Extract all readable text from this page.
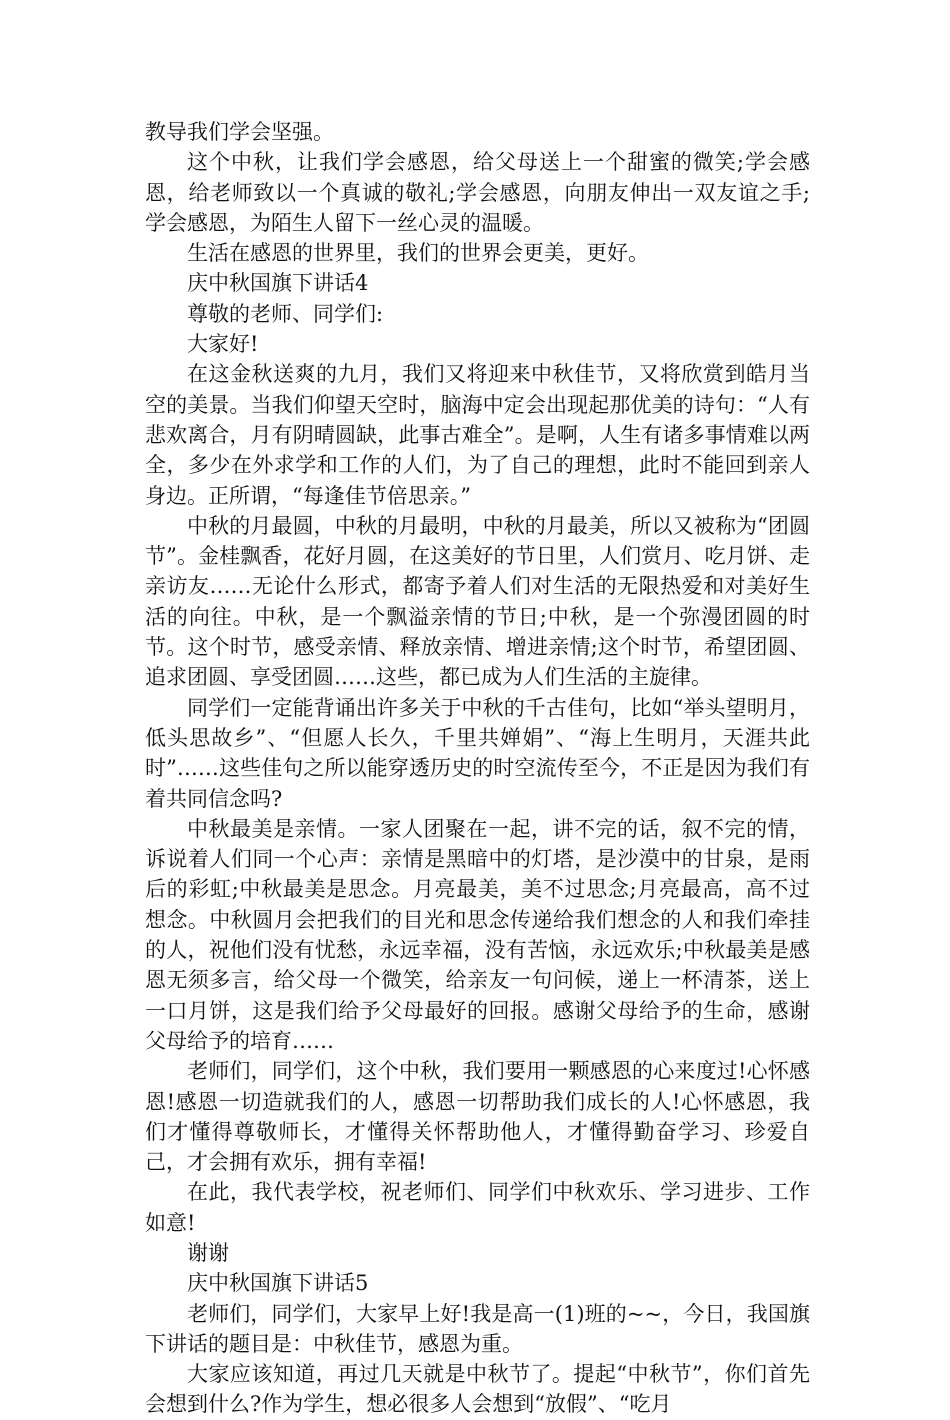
教导我们学会坚强。

这个中秋，让我们学会感恩，给父母送上一个甜蜜的微笑;学会感恩，给老师致以一个真诚的敬礼;学会感恩，向朋友伸出一双友谊之手;学会感恩，为陌生人留下一丝心灵的温暖。

生活在感恩的世界里，我们的世界会更美，更好。

庆中秋国旗下讲话4

尊敬的老师、同学们:

大家好!

在这金秋送爽的九月，我们又将迎来中秋佳节，又将欣赏到皓月当空的美景。当我们仰望天空时，脑海中定会出现起那优美的诗句：“人有悲欢离合，月有阴晴圆缺，此事古难全”。是啊，人生有诸多事情难以两全，多少在外求学和工作的人们，为了自己的理想，此时不能回到亲人身边。正所谓，“每逢佳节倍思亲。”

中秋的月最圆，中秋的月最明，中秋的月最美，所以又被称为“团圆节”。金桂飘香，花好月圆，在这美好的节日里，人们赏月、吃月饼、走亲访友……无论什么形式，都寄予着人们对生活的无限热爱和对美好生活的向往。中秋，是一个飘溢亲情的节日;中秋，是一个弥漫团圆的时节。这个时节，感受亲情、释放亲情、增进亲情;这个时节，希望团圆、追求团圆、享受团圆……这些，都已成为人们生活的主旋律。

同学们一定能背诵出许多关于中秋的千古佳句，比如“举头望明月，低头思故乡”、“但愿人长久，千里共婵娟”、“海上生明月，天涯共此时”……这些佳句之所以能穿透历史的时空流传至今，不正是因为我们有着共同信念吗?

中秋最美是亲情。一家人团聚在一起，讲不完的话，叙不完的情，诉说着人们同一个心声：亲情是黑暗中的灯塔，是沙漠中的甘泉，是雨后的彩虹;中秋最美是思念。月亮最美，美不过思念;月亮最高，高不过想念。中秋圆月会把我们的目光和思念传递给我们想念的人和我们牵挂的人，祝他们没有忧愁，永远幸福，没有苦恼，永远欢乐;中秋最美是感恩无须多言，给父母一个微笑，给亲友一句问候，递上一杯清茶，送上一口月饼，这是我们给予父母最好的回报。感谢父母给予的生命，感谢父母给予的培育……

老师们，同学们，这个中秋，我们要用一颗感恩的心来度过!心怀感恩!感恩一切造就我们的人，感恩一切帮助我们成长的人!心怀感恩，我们才懂得尊敬师长，才懂得关怀帮助他人，才懂得勤奋学习、珍爱自己，才会拥有欢乐，拥有幸福!

在此，我代表学校，祝老师们、同学们中秋欢乐、学习进步、工作如意!

谢谢

庆中秋国旗下讲话5

老师们，同学们，大家早上好!我是高一(1)班的~~，今日，我国旗下讲话的题目是：中秋佳节，感恩为重。

大家应该知道，再过几天就是中秋节了。提起“中秋节”，你们首先会想到什么?作为学生，想必很多人会想到“放假”、“吃月
